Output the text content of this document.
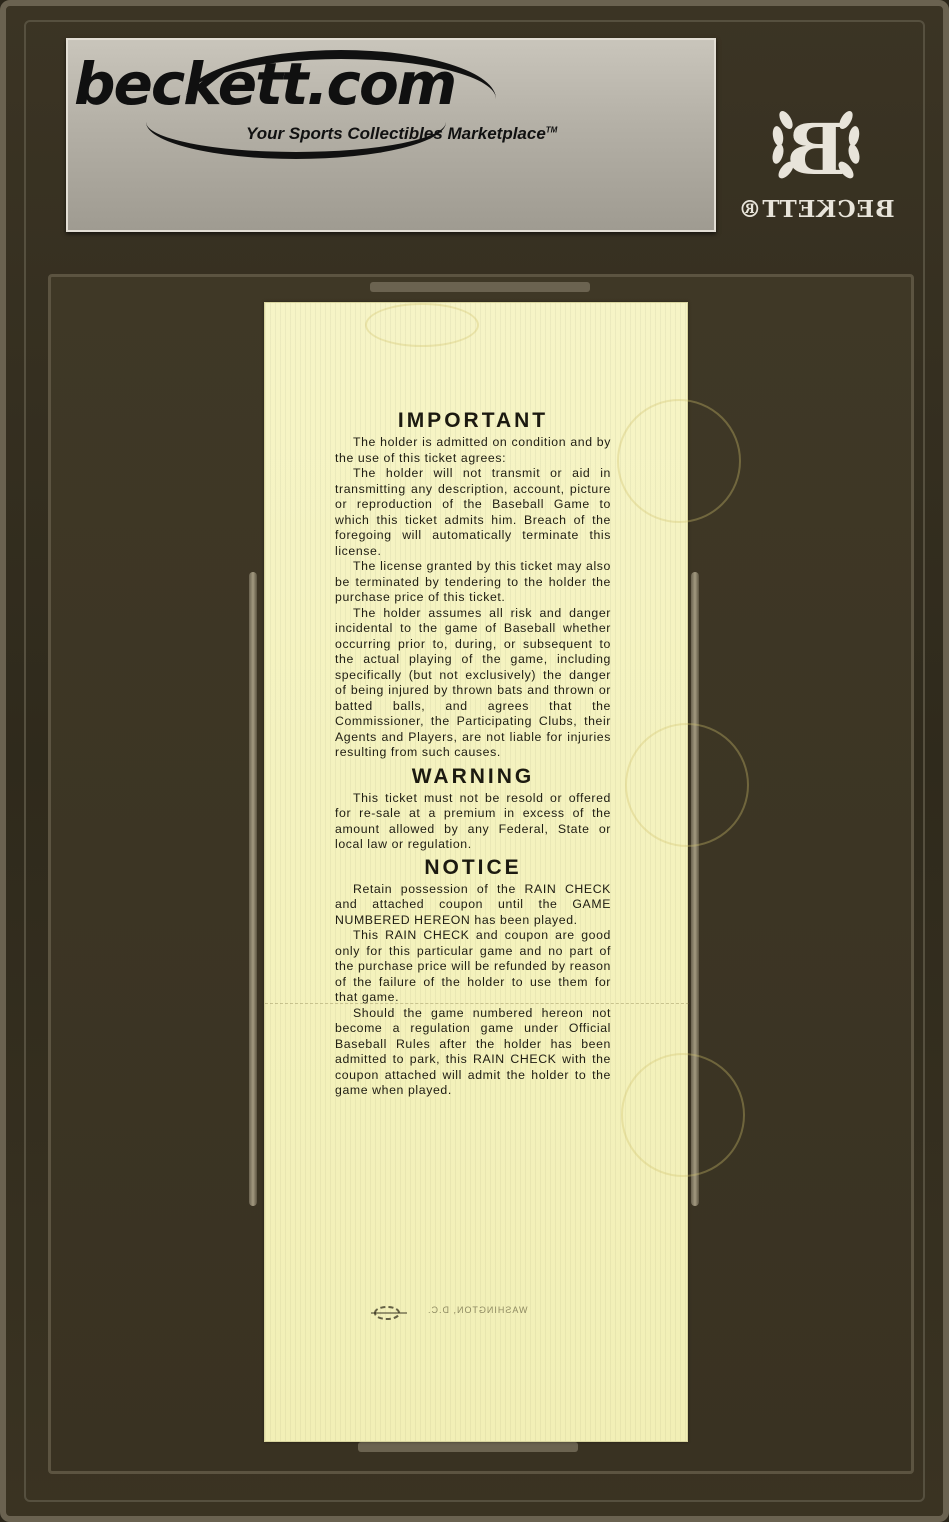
beckett.com
Your Sports Collectibles Marketplace™	B
BECKETT®
IMPORTANT

The holder is admitted on condition and by the use of this ticket agrees:

The holder will not transmit or aid in transmitting any description, account, picture or reproduction of the Baseball Game to which this ticket admits him. Breach of the foregoing will automatically terminate this license.

The license granted by this ticket may also be terminated by tendering to the holder the purchase price of this ticket.

The holder assumes all risk and danger incidental to the game of Baseball whether occurring prior to, during, or subsequent to the actual playing of the game, including specifically (but not exclusively) the danger of being injured by thrown bats and thrown or batted balls, and agrees that the Commissioner, the Participating Clubs, their Agents and Players, are not liable for injuries resulting from such causes.

WARNING

This ticket must not be resold or offered for re-sale at a premium in excess of the amount allowed by any Federal, State or local law or regulation.

NOTICE

Retain possession of the RAIN CHECK and attached coupon until the GAME NUMBERED HEREON has been played.

This RAIN CHECK and coupon are good only for this particular game and no part of the purchase price will be refunded by reason of the failure of the holder to use them for that game.

Should the game numbered hereon not become a regulation game under Official Baseball Rules after the holder has been admitted to park, this RAIN CHECK with the coupon attached will admit the holder to the game when played.

WASHINGTON, D.C.
